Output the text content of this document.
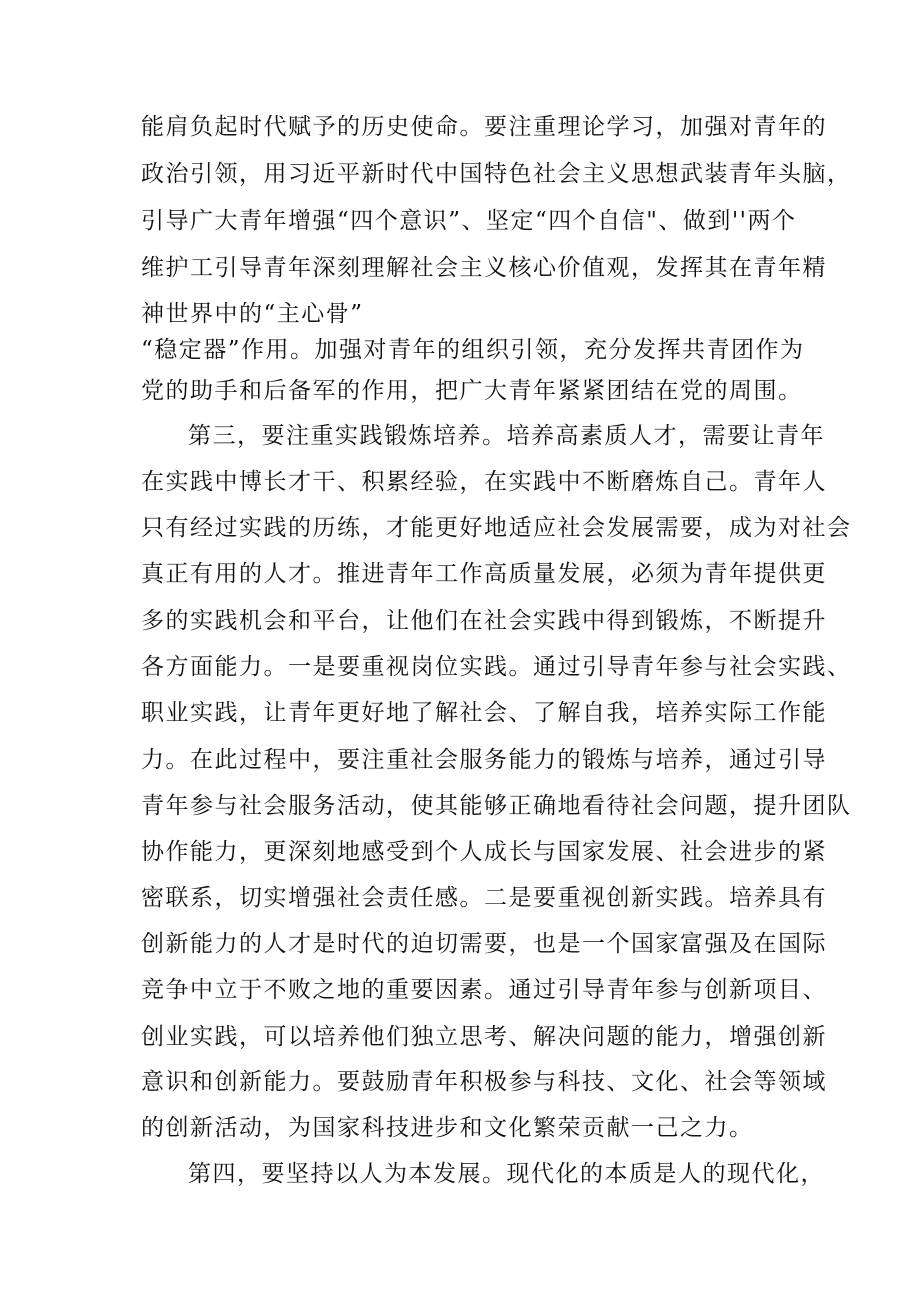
能肩负起时代赋予的历史使命。要注重理论学习，加强对青年的
政治引领，用习近平新时代中国特色社会主义思想武装青年头脑，
引导广大青年增强“四个意识”、坚定“四个自信"、做到''两个
维护工引导青年深刻理解社会主义核心价值观，发挥其在青年精
神世界中的“主心骨”
“稳定器”作用。加强对青年的组织引领，充分发挥共青团作为
党的助手和后备军的作用，把广大青年紧紧团结在党的周围。
第三，要注重实践锻炼培养。培养高素质人才，需要让青年
在实践中博长才干、积累经验，在实践中不断磨炼自己。青年人
只有经过实践的历练，才能更好地适应社会发展需要，成为对社会
真正有用的人才。推进青年工作高质量发展，必须为青年提供更
多的实践机会和平台，让他们在社会实践中得到锻炼，不断提升
各方面能力。一是要重视岗位实践。通过引导青年参与社会实践、
职业实践，让青年更好地了解社会、了解自我，培养实际工作能
力。在此过程中，要注重社会服务能力的锻炼与培养，通过引导
青年参与社会服务活动，使其能够正确地看待社会问题，提升团队
协作能力，更深刻地感受到个人成长与国家发展、社会进步的紧
密联系，切实增强社会责任感。二是要重视创新实践。培养具有
创新能力的人才是时代的迫切需要，也是一个国家富强及在国际
竞争中立于不败之地的重要因素。通过引导青年参与创新项目、
创业实践，可以培养他们独立思考、解决问题的能力，增强创新
意识和创新能力。要鼓励青年积极参与科技、文化、社会等领域
的创新活动，为国家科技进步和文化繁荣贡献一己之力。
第四，要坚持以人为本发展。现代化的本质是人的现代化，
